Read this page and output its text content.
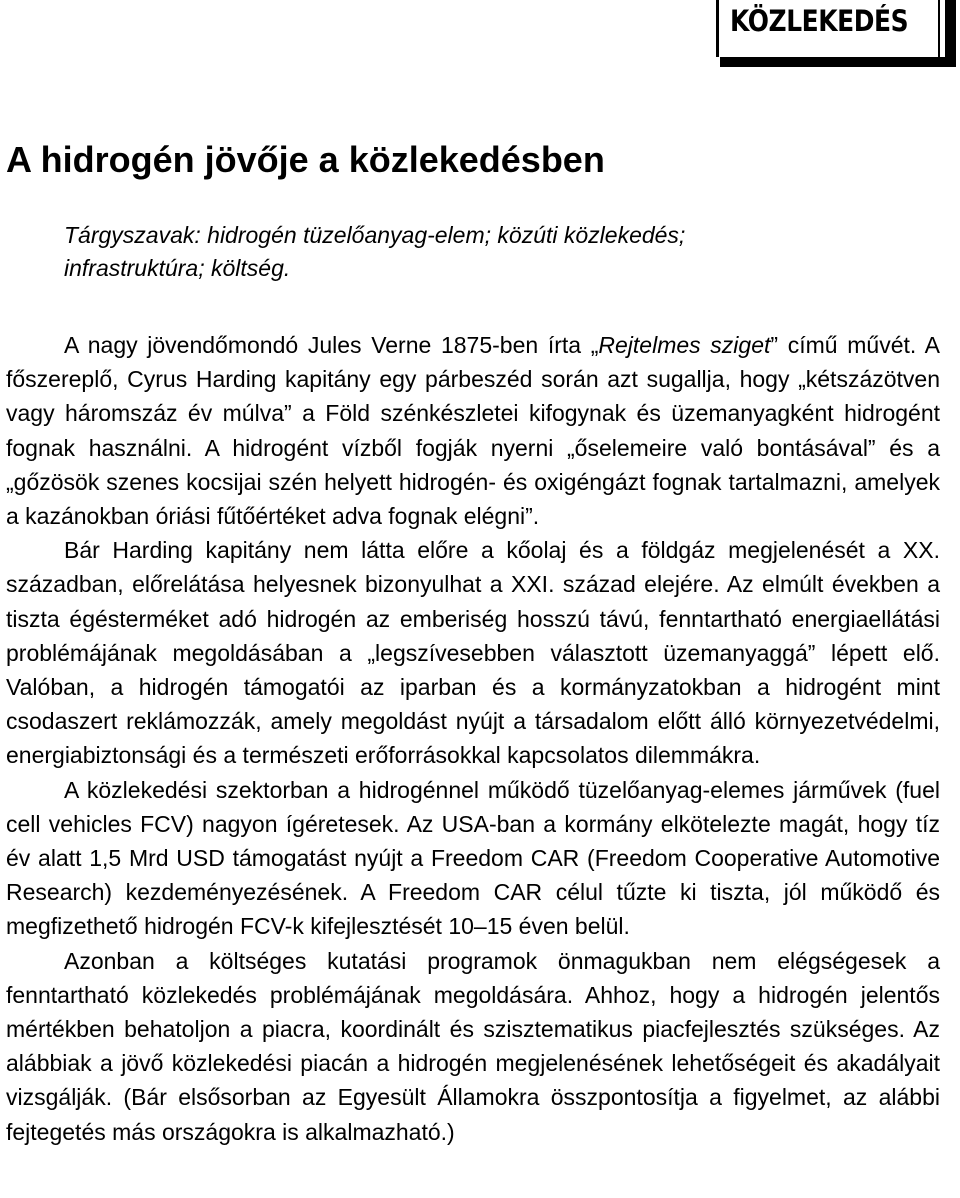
KÖZLEKEDÉS
A hidrogén jövője a közlekedésben
Tárgyszavak: hidrogén tüzelőanyag-elem; közúti közlekedés; infrastruktúra; költség.

A nagy jövendőmondó Jules Verne 1875-ben írta „Rejtelmes sziget” című művét. A főszereplő, Cyrus Harding kapitány egy párbeszéd során azt sugallja, hogy „kétszázötven vagy háromszáz év múlva” a Föld szénkészletei kifogynak és üzemanyagként hidrogént fognak használni. A hidrogént vízből fogják nyerni „őselemeire való bontásával” és a „gőzösök szenes kocsijai szén helyett hidrogén- és oxigéngázt fognak tartalmazni, amelyek a kazánokban óriási fűtőértéket adva fognak elégni”.

Bár Harding kapitány nem látta előre a kőolaj és a földgáz megjelenését a XX. században, előrelátása helyesnek bizonyulhat a XXI. század elejére. Az elmúlt években a tiszta égésterméket adó hidrogén az emberiség hosszú távú, fenntartható energiaellátási problémájának megoldásában a „legszívesebben választott üzemanyaggá” lépett elő. Valóban, a hidrogén támogatói az iparban és a kormányzatokban a hidrogént mint csodaszert reklámozzák, amely megoldást nyújt a társadalom előtt álló környezetvédelmi, energiabiztonsági és a természeti erőforrásokkal kapcsolatos dilemmákra.

A közlekedési szektorban a hidrogénnel működő tüzelőanyag-elemes járművek (fuel cell vehicles FCV) nagyon ígéretesek. Az USA-ban a kormány elkötelezte magát, hogy tíz év alatt 1,5 Mrd USD támogatást nyújt a Freedom CAR (Freedom Cooperative Automotive Research) kezdeményezésének. A Freedom CAR célul tűzte ki tiszta, jól működő és megfizethető hidrogén FCV-k kifejlesztését 10–15 éven belül.

Azonban a költséges kutatási programok önmagukban nem elégségesek a fenntartható közlekedés problémájának megoldására. Ahhoz, hogy a hidrogén jelentős mértékben behatoljon a piacra, koordinált és szisztematikus piacfejlesztés szükséges. Az alábbiak a jövő közlekedési piacán a hidrogén megjelenésének lehetőségeit és akadályait vizsgálják. (Bár elsősorban az Egyesült Államokra összpontosítja a figyelmet, az alábbi fejtegetés más országokra is alkalmazható.)
